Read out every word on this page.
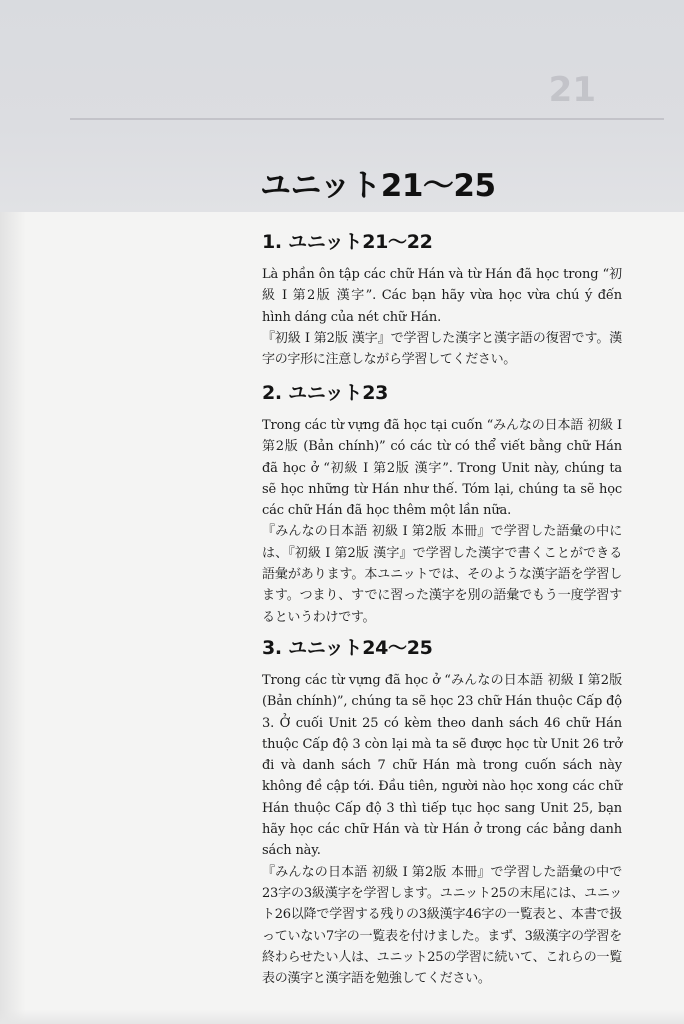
21
ユニット21〜25
1. ユニット21〜22

Là phần ôn tập các chữ Hán và từ Hán đã học trong “初級 I 第2版 漢字”. Các bạn hãy vừa học vừa chú ý đến hình dáng của nét chữ Hán.

『初級 I 第2版 漢字』で学習した漢字と漢字語の復習です。漢字の字形に注意しながら学習してください。

2. ユニット23

Trong các từ vựng đã học tại cuốn “みんなの日本語 初級 I 第2版 (Bản chính)” có các từ có thể viết bằng chữ Hán đã học ở “初級 I 第2版 漢字”. Trong Unit này, chúng ta sẽ học những từ Hán như thế. Tóm lại, chúng ta sẽ học các chữ Hán đã học thêm một lần nữa.

『みんなの日本語 初級 I 第2版 本冊』で学習した語彙の中には、『初級 I 第2版 漢字』で学習した漢字で書くことができる語彙があります。本ユニットでは、そのような漢字語を学習します。つまり、すでに習った漢字を別の語彙でもう一度学習するというわけです。

3. ユニット24〜25

Trong các từ vựng đã học ở “みんなの日本語 初級 I 第2版 (Bản chính)”, chúng ta sẽ học 23 chữ Hán thuộc Cấp độ 3. Ở cuối Unit 25 có kèm theo danh sách 46 chữ Hán thuộc Cấp độ 3 còn lại mà ta sẽ được học từ Unit 26 trở đi và danh sách 7 chữ Hán mà trong cuốn sách này không đề cập tới. Đầu tiên, người nào học xong các chữ Hán thuộc Cấp độ 3 thì tiếp tục học sang Unit 25, bạn hãy học các chữ Hán và từ Hán ở trong các bảng danh sách này.

『みんなの日本語 初級 I 第2版 本冊』で学習した語彙の中で23字の3級漢字を学習します。ユニット25の末尾には、ユニット26以降で学習する残りの3級漢字46字の一覧表と、本書で扱っていない7字の一覧表を付けました。まず、3級漢字の学習を終わらせたい人は、ユニット25の学習に続いて、これらの一覧表の漢字と漢字語を勉強してください。
